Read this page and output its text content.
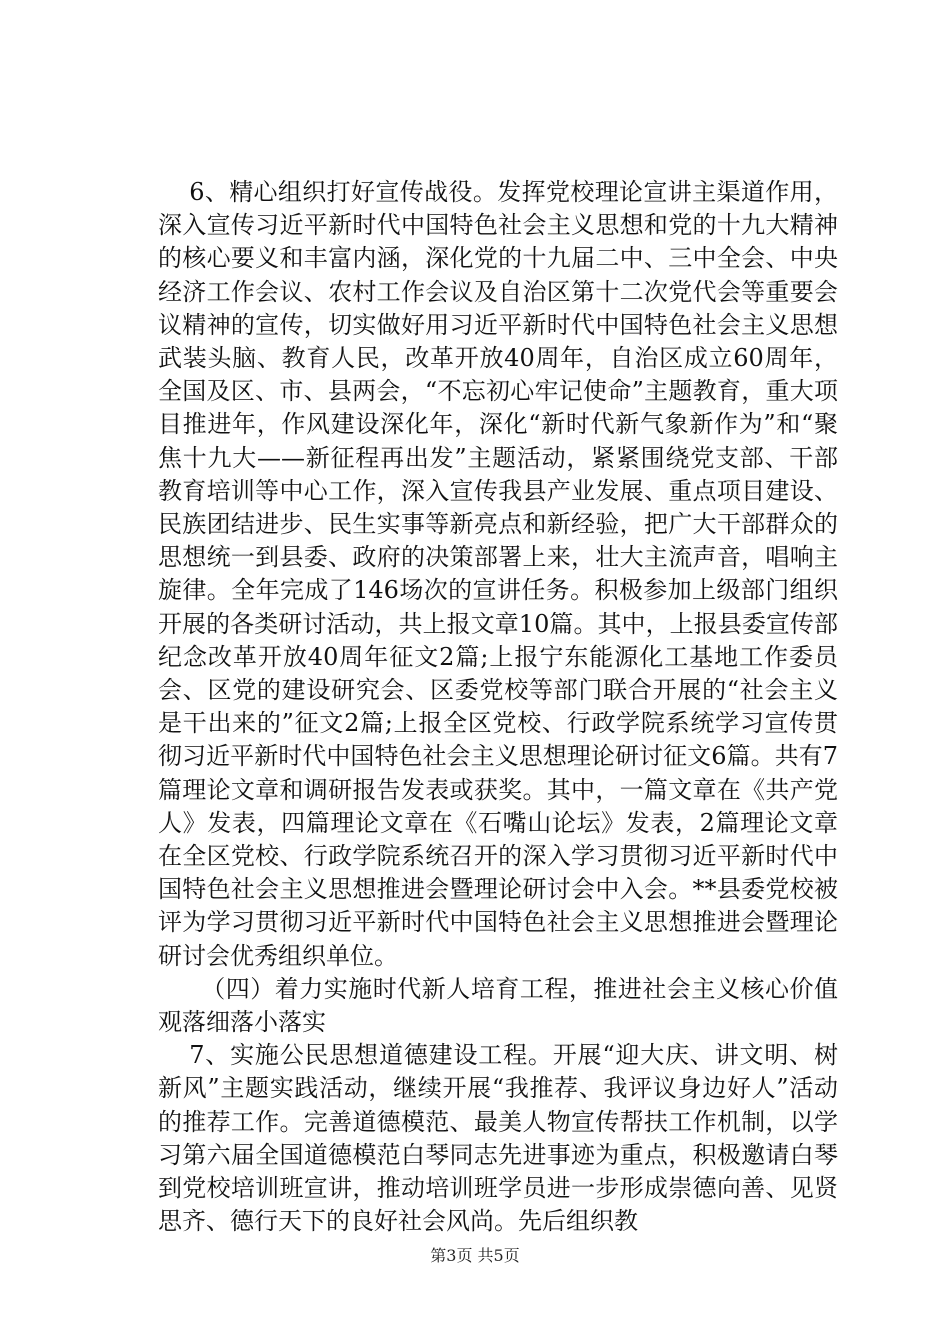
6、精心组织打好宣传战役。发挥党校理论宣讲主渠道作用，深入宣传习近平新时代中国特色社会主义思想和党的十九大精神的核心要义和丰富内涵，深化党的十九届二中、三中全会、中央经济工作会议、农村工作会议及自治区第十二次党代会等重要会议精神的宣传，切实做好用习近平新时代中国特色社会主义思想武装头脑、教育人民，改革开放40周年，自治区成立60周年，全国及区、市、县两会，“不忘初心牢记使命”主题教育，重大项目推进年，作风建设深化年，深化“新时代新气象新作为”和“聚焦十九大——新征程再出发”主题活动，紧紧围绕党支部、干部教育培训等中心工作，深入宣传我县产业发展、重点项目建设、民族团结进步、民生实事等新亮点和新经验，把广大干部群众的思想统一到县委、政府的决策部署上来，壮大主流声音，唱响主旋律。全年完成了146场次的宣讲任务。积极参加上级部门组织开展的各类研讨活动，共上报文章10篇。其中，上报县委宣传部纪念改革开放40周年征文2篇;上报宁东能源化工基地工作委员会、区党的建设研究会、区委党校等部门联合开展的“社会主义是干出来的”征文2篇;上报全区党校、行政学院系统学习宣传贯彻习近平新时代中国特色社会主义思想理论研讨征文6篇。共有7篇理论文章和调研报告发表或获奖。其中，一篇文章在《共产党人》发表，四篇理论文章在《石嘴山论坛》发表，2篇理论文章在全区党校、行政学院系统召开的深入学习贯彻习近平新时代中国特色社会主义思想推进会暨理论研讨会中入会。**县委党校被评为学习贯彻习近平新时代中国特色社会主义思想推进会暨理论研讨会优秀组织单位。

（四）着力实施时代新人培育工程，推进社会主义核心价值观落细落小落实

7、实施公民思想道德建设工程。开展“迎大庆、讲文明、树新风”主题实践活动，继续开展“我推荐、我评议身边好人”活动的推荐工作。完善道德模范、最美人物宣传帮扶工作机制，以学习第六届全国道德模范白琴同志先进事迹为重点，积极邀请白琴到党校培训班宣讲，推动培训班学员进一步形成崇德向善、见贤思齐、德行天下的良好社会风尚。先后组织教

第3页 共5页
